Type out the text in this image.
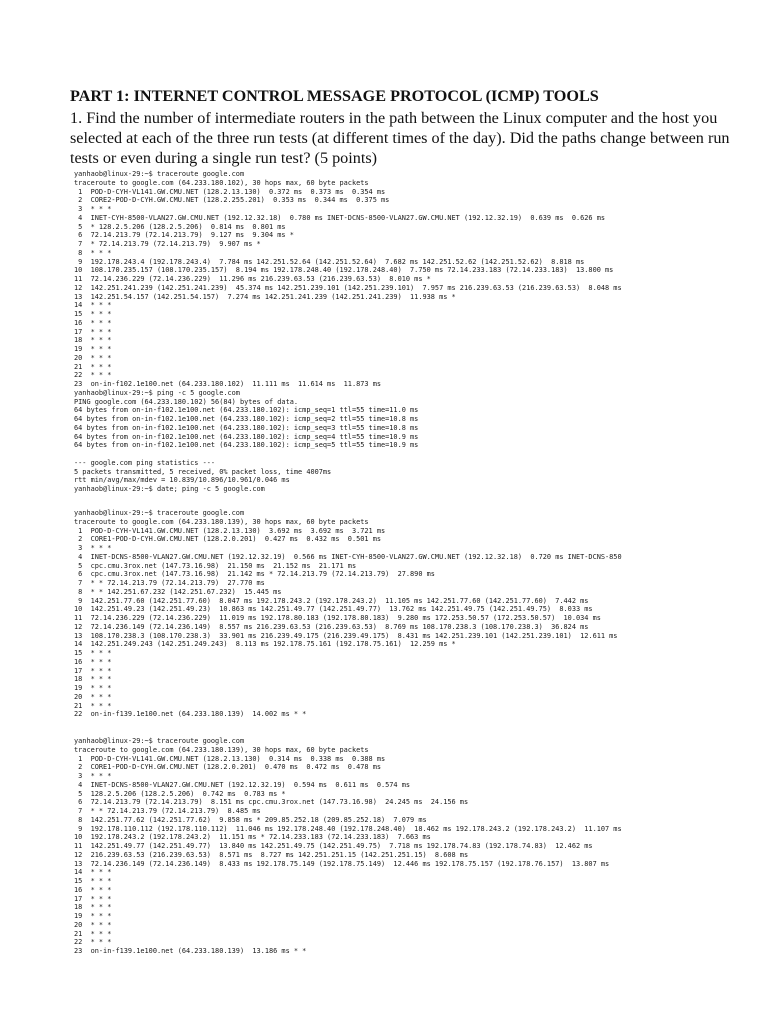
PART 1: INTERNET CONTROL MESSAGE PROTOCOL (ICMP) TOOLS

1. Find the number of intermediate routers in the path between the Linux computer and the host you selected at each of the three run tests (at different times of the day). Did the paths change between run tests or even during a single run test? (5 points)

yanhaob@linux-29:~$ traceroute google.com
traceroute to google.com (64.233.180.102), 30 hops max, 60 byte packets
1  POD-D-CYH-VL141.GW.CMU.NET (128.2.13.130)  0.372 ms  0.373 ms  0.354 ms
2  CORE2-POD-D-CYH.GW.CMU.NET (128.2.255.201)  0.353 ms  0.344 ms  0.375 ms
3  * * *
4  INET-CYH-8500-VLAN27.GW.CMU.NET (192.12.32.18)  0.780 ms INET-DCNS-8500-VLAN27.GW.CMU.NET (192.12.32.19)  0.639 ms  0.626 ms
5  * 128.2.5.206 (128.2.5.206)  0.814 ms  0.801 ms
6  72.14.213.79 (72.14.213.79)  9.127 ms  9.304 ms *
7  * 72.14.213.79 (72.14.213.79)  9.907 ms *
8  * * *
9  192.178.243.4 (192.178.243.4)  7.784 ms 142.251.52.64 (142.251.52.64)  7.682 ms 142.251.52.62 (142.251.52.62)  8.818 ms
10  108.170.235.157 (108.170.235.157)  8.194 ms 192.178.248.40 (192.178.248.40)  7.750 ms 72.14.233.183 (72.14.233.183)  13.800 ms
11  72.14.236.229 (72.14.236.229)  11.296 ms 216.239.63.53 (216.239.63.53)  8.010 ms *
12  142.251.241.239 (142.251.241.239)  45.374 ms 142.251.239.101 (142.251.239.101)  7.957 ms 216.239.63.53 (216.239.63.53)  8.048 ms
13  142.251.54.157 (142.251.54.157)  7.274 ms 142.251.241.239 (142.251.241.239)  11.938 ms *
14  * * *
15  * * *
16  * * *
17  * * *
18  * * *
19  * * *
20  * * *
21  * * *
22  * * *
23  on-in-f102.1e100.net (64.233.180.102)  11.111 ms  11.614 ms  11.873 ms
yanhaob@linux-29:~$ ping -c 5 google.com
PING google.com (64.233.180.102) 56(84) bytes of data.
64 bytes from on-in-f102.1e100.net (64.233.180.102): icmp_seq=1 ttl=55 time=11.0 ms
64 bytes from on-in-f102.1e100.net (64.233.180.102): icmp_seq=2 ttl=55 time=10.8 ms
64 bytes from on-in-f102.1e100.net (64.233.180.102): icmp_seq=3 ttl=55 time=10.8 ms
64 bytes from on-in-f102.1e100.net (64.233.180.102): icmp_seq=4 ttl=55 time=10.9 ms
64 bytes from on-in-f102.1e100.net (64.233.180.102): icmp_seq=5 ttl=55 time=10.9 ms
--- google.com ping statistics ---
5 packets transmitted, 5 received, 0% packet loss, time 4007ms
rtt min/avg/max/mdev = 10.839/10.896/10.961/0.046 ms
yanhaob@linux-29:~$ date; ping -c 5 google.com
yanhaob@linux-29:~$ traceroute google.com
traceroute to google.com (64.233.180.139), 30 hops max, 60 byte packets
1  POD-D-CYH-VL141.GW.CMU.NET (128.2.13.130)  3.692 ms  3.692 ms  3.721 ms
2  CORE1-POD-D-CYH.GW.CMU.NET (128.2.0.201)  0.427 ms  0.432 ms  0.501 ms
3  * * *
4  INET-DCNS-8500-VLAN27.GW.CMU.NET (192.12.32.19)  0.566 ms INET-CYH-8500-VLAN27.GW.CMU.NET (192.12.32.18)  0.720 ms INET-DCNS-850
5  cpc.cmu.3rox.net (147.73.16.98)  21.150 ms  21.152 ms  21.171 ms
6  cpc.cmu.3rox.net (147.73.16.98)  21.142 ms * 72.14.213.79 (72.14.213.79)  27.890 ms
7  * * 72.14.213.79 (72.14.213.79)  27.770 ms
8  * * 142.251.67.232 (142.251.67.232)  15.445 ms
9  142.251.77.60 (142.251.77.60)  8.047 ms 192.178.243.2 (192.178.243.2)  11.105 ms 142.251.77.60 (142.251.77.60)  7.442 ms
10  142.251.49.23 (142.251.49.23)  10.863 ms 142.251.49.77 (142.251.49.77)  13.762 ms 142.251.49.75 (142.251.49.75)  8.033 ms
11  72.14.236.229 (72.14.236.229)  11.019 ms 192.178.80.183 (192.178.80.183)  9.280 ms 172.253.50.57 (172.253.50.57)  10.034 ms
12  72.14.236.149 (72.14.236.149)  8.557 ms 216.239.63.53 (216.239.63.53)  8.769 ms 108.170.238.3 (108.170.238.3)  36.824 ms
13  108.170.238.3 (108.170.238.3)  33.901 ms 216.239.49.175 (216.239.49.175)  8.431 ms 142.251.239.101 (142.251.239.101)  12.611 ms
14  142.251.249.243 (142.251.249.243)  8.113 ms 192.178.75.161 (192.178.75.161)  12.259 ms *
15  * * *
16  * * *
17  * * *
18  * * *
19  * * *
20  * * *
21  * * *
22  on-in-f139.1e100.net (64.233.180.139)  14.002 ms * *
yanhaob@linux-29:~$ traceroute google.com
traceroute to google.com (64.233.180.139), 30 hops max, 60 byte packets
1  POD-D-CYH-VL141.GW.CMU.NET (128.2.13.130)  0.314 ms  0.338 ms  0.388 ms
2  CORE1-POD-D-CYH.GW.CMU.NET (128.2.0.201)  0.470 ms  0.472 ms  0.478 ms
3  * * *
4  INET-DCNS-8500-VLAN27.GW.CMU.NET (192.12.32.19)  0.594 ms  0.611 ms  0.574 ms
5  128.2.5.206 (128.2.5.206)  0.742 ms  0.783 ms *
6  72.14.213.79 (72.14.213.79)  8.151 ms cpc.cmu.3rox.net (147.73.16.98)  24.245 ms  24.156 ms
7  * * 72.14.213.79 (72.14.213.79)  8.485 ms
8  142.251.77.62 (142.251.77.62)  9.858 ms * 209.85.252.18 (209.85.252.18)  7.079 ms
9  192.178.110.112 (192.178.110.112)  11.046 ms 192.178.248.40 (192.178.248.40)  18.462 ms 192.178.243.2 (192.178.243.2)  11.107 ms
10  192.178.243.2 (192.178.243.2)  11.151 ms * 72.14.233.183 (72.14.233.183)  7.663 ms
11  142.251.49.77 (142.251.49.77)  13.840 ms 142.251.49.75 (142.251.49.75)  7.718 ms 192.178.74.83 (192.178.74.83)  12.462 ms
12  216.239.63.53 (216.239.63.53)  8.571 ms  8.727 ms 142.251.251.15 (142.251.251.15)  8.608 ms
13  72.14.236.149 (72.14.236.149)  8.433 ms 192.178.75.149 (192.178.75.149)  12.446 ms 192.178.75.157 (192.178.76.157)  13.807 ms
14  * * *
15  * * *
16  * * *
17  * * *
18  * * *
19  * * *
20  * * *
21  * * *
22  * * *
23  on-in-f139.1e100.net (64.233.180.139)  13.186 ms * *
